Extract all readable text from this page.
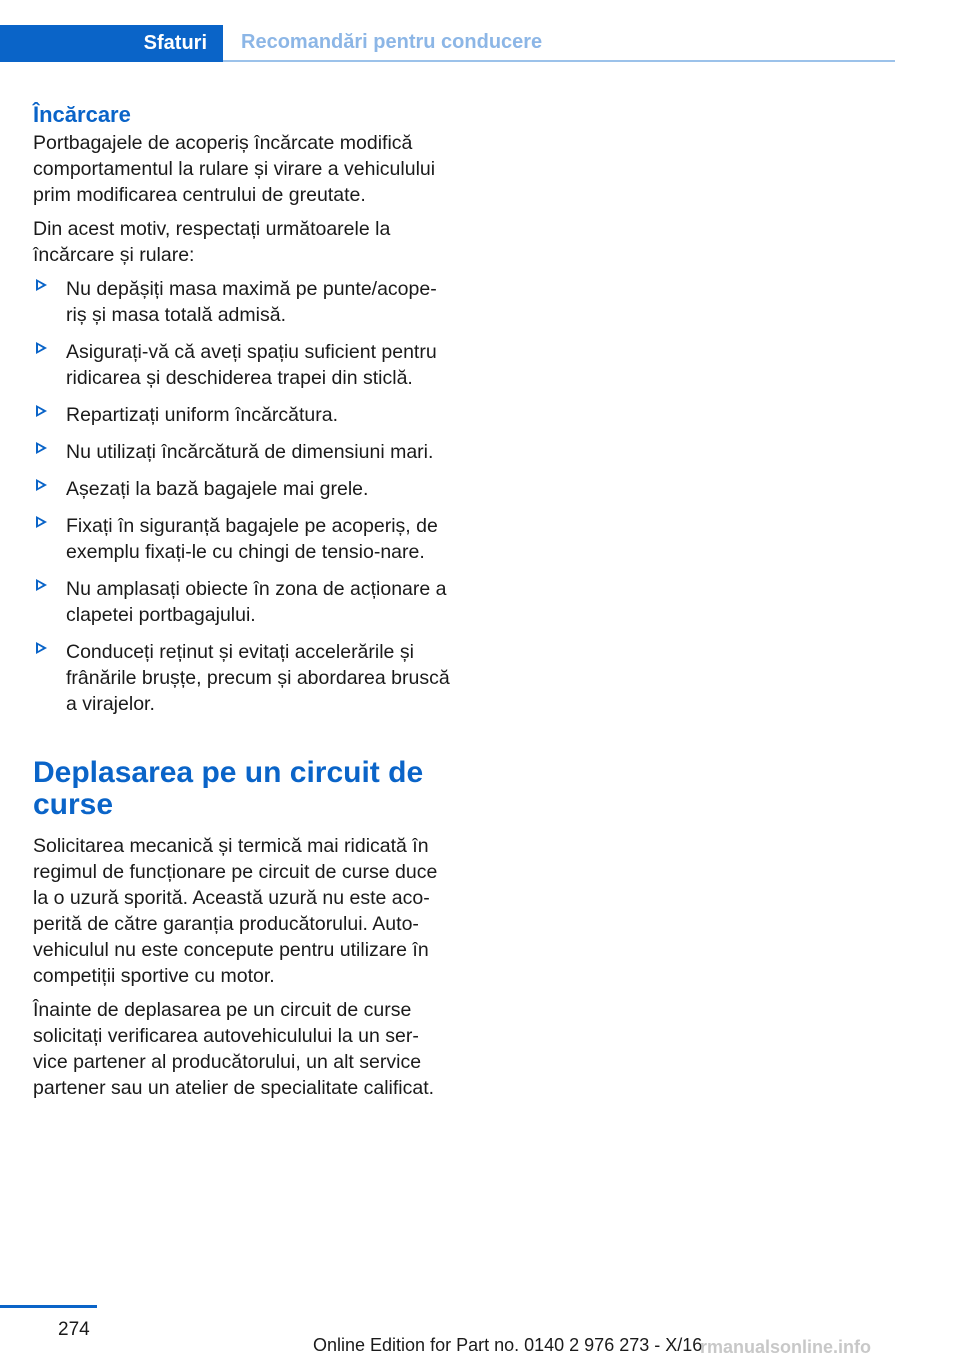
Sfaturi	Recomandări pentru conducere
Încărcare

Portbagajele de acoperiș încărcate modifică comportamentul la rulare și virare a vehiculului prim modificarea centrului de greutate.

Din acest motiv, respectați următoarele la încărcare și rulare:

Nu depășiți masa maximă pe punte/acope‐riș și masa totală admisă.
Asigurați-vă că aveți spațiu suficient pentru ridicarea și deschiderea trapei din sticlă.
Repartizați uniform încărcătura.
Nu utilizați încărcătură de dimensiuni mari.
Așezați la bază bagajele mai grele.
Fixați în siguranță bagajele pe acoperiș, de exemplu fixați-le cu chingi de tensio‐nare.
Nu amplasați obiecte în zona de acționare a clapetei portbagajului.
Conduceți reținut și evitați accelerările și frânările brușțe, precum și abordarea bruscă a virajelor.
Deplasarea pe un circuit de curse

Solicitarea mecanică și termică mai ridicată în regimul de funcționare pe circuit de curse duce la o uzură sporită. Această uzură nu este aco‐perită de către garanția producătorului. Auto‐vehiculul nu este concepute pentru utilizare în competiții sportive cu motor.

Înainte de deplasarea pe un circuit de curse solicitați verificarea autovehiculului la un ser‐vice partener al producătorului, un alt service partener sau un atelier de specialitate calificat.

274
Online Edition for Part no. 0140 2 976 273 - X/16
rmanualsonline.info
